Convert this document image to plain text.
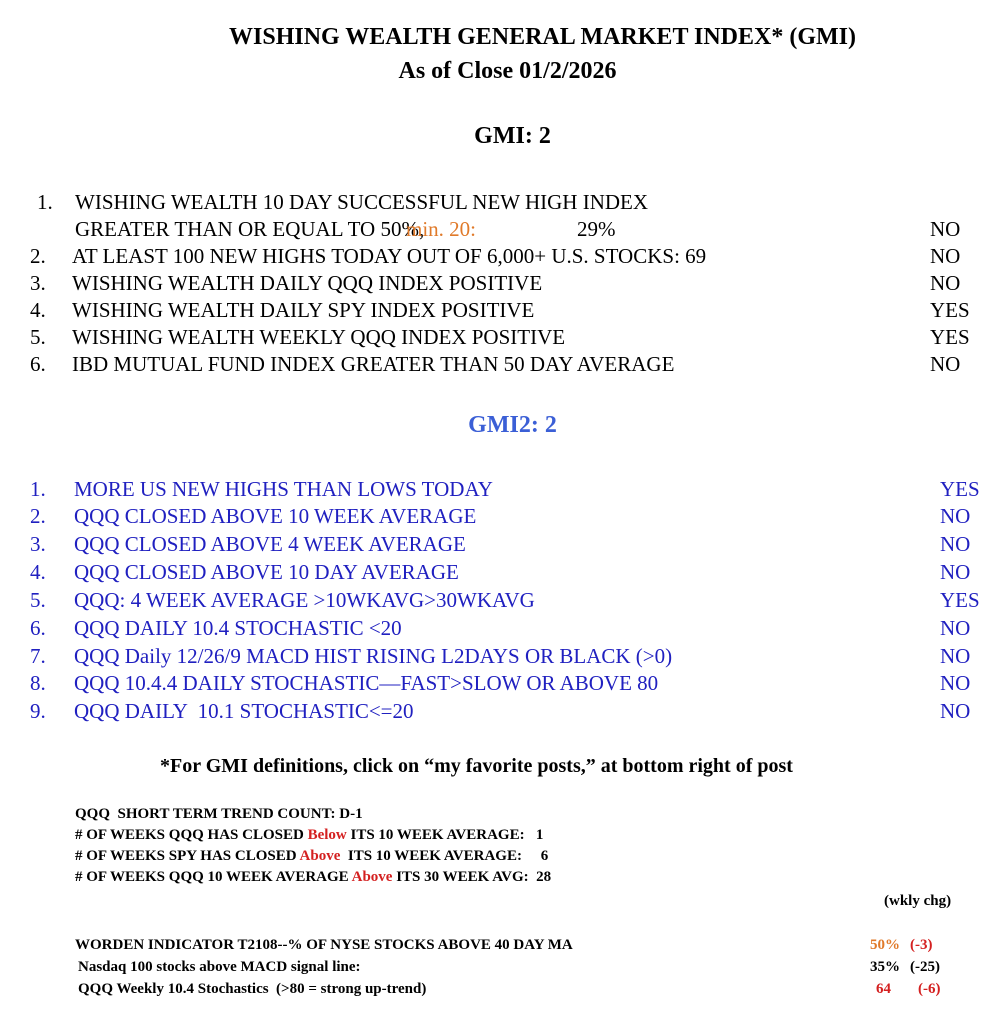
WISHING WEALTH GENERAL MARKET INDEX* (GMI)
As of Close 01/2/2026
GMI: 2
1. WISHING WEALTH 10 DAY SUCCESSFUL NEW HIGH INDEX
GREATER THAN OR EQUAL TO 50%,
min. 20:	29%	NO
2. AT LEAST 100 NEW HIGHS TODAY OUT OF 6,000+ U.S. STOCKS: 69	NO
3. WISHING WEALTH DAILY QQQ INDEX POSITIVE	NO
4. WISHING WEALTH DAILY SPY INDEX POSITIVE	YES
5. WISHING WEALTH WEEKLY QQQ INDEX POSITIVE	YES
6. IBD MUTUAL FUND INDEX GREATER THAN 50 DAY AVERAGE	NO
GMI2: 2
1. MORE US NEW HIGHS THAN LOWS TODAY	YES
2. QQQ CLOSED ABOVE 10 WEEK AVERAGE	NO
3. QQQ CLOSED ABOVE 4 WEEK AVERAGE	NO
4. QQQ CLOSED ABOVE 10 DAY AVERAGE	NO
5. QQQ: 4 WEEK AVERAGE >10WKAVG>30WKAVG	YES
6. QQQ DAILY 10.4 STOCHASTIC <20	NO
7. QQQ Daily 12/26/9 MACD HIST RISING L2DAYS OR BLACK (>0)	NO
8. QQQ 10.4.4 DAILY STOCHASTIC—FAST>SLOW OR ABOVE 80	NO
9. QQQ DAILY  10.1 STOCHASTIC<=20	NO
*For GMI definitions, click on “my favorite posts,” at bottom right of post
QQQ  SHORT TERM TREND COUNT: D-1
# OF WEEKS QQQ HAS CLOSED Below ITS 10 WEEK AVERAGE:   1
# OF WEEKS SPY HAS CLOSED Above  ITS 10 WEEK AVERAGE:     6
# OF WEEKS QQQ 10 WEEK AVERAGE Above ITS 30 WEEK AVG:  28
(wkly chg)
WORDEN INDICATOR T2108--% OF NYSE STOCKS ABOVE 40 DAY MA	50% (-3)
Nasdaq 100 stocks above MACD signal line:	35% (-25)
QQQ Weekly 10.4 Stochastics  (>80 = strong up-trend)	64 (-6)
